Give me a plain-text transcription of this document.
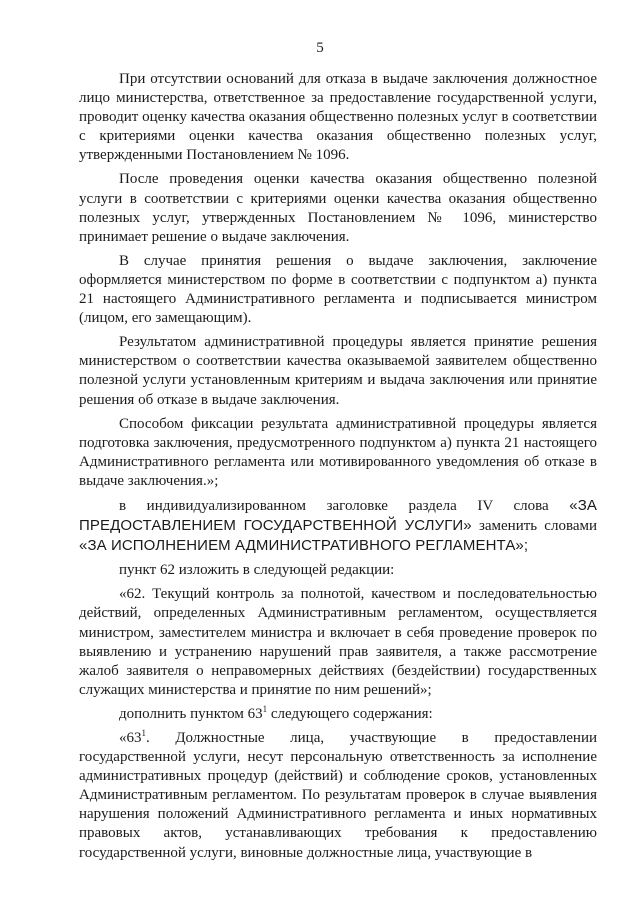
5

При отсутствии оснований для отказа в выдаче заключения должностное лицо министерства, ответственное за предоставление государственной услуги, проводит оценку качества оказания общественно полезных услуг в соответствии с критериями оценки качества оказания общественно полезных услуг, утвержденными Постановлением № 1096.

После проведения оценки качества оказания общественно полезной услуги в соответствии с критериями оценки качества оказания общественно полезных услуг, утвержденных Постановлением № 1096, министерство принимает решение о выдаче заключения.

В случае принятия решения о выдаче заключения, заключение оформляется министерством по форме в соответствии с подпунктом а) пункта 21 настоящего Административного регламента и подписывается министром (лицом, его замещающим).

Результатом административной процедуры является принятие решения министерством о соответствии качества оказываемой заявителем общественно полезной услуги установленным критериям и выдача заключения или принятие решения об отказе в выдаче заключения.

Способом фиксации результата административной процедуры является подготовка заключения, предусмотренного подпунктом а) пункта 21 настоящего Административного регламента или мотивированного уведомления об отказе в выдаче заключения.»;

в индивидуализированном заголовке раздела IV слова «ЗА ПРЕДОСТАВЛЕНИЕМ ГОСУДАРСТВЕННОЙ УСЛУГИ» заменить словами «ЗА ИСПОЛНЕНИЕМ АДМИНИСТРАТИВНОГО РЕГЛАМЕНТА»;

пункт 62 изложить в следующей редакции:

«62. Текущий контроль за полнотой, качеством и последовательностью действий, определенных Административным регламентом, осуществляется министром, заместителем министра и включает в себя проведение проверок по выявлению и устранению нарушений прав заявителя, а также рассмотрение жалоб заявителя о неправомерных действиях (бездействии) государственных служащих министерства и принятие по ним решений»;

дополнить пунктом $63^1$ следующего содержания:

«$63^1$. Должностные лица, участвующие в предоставлении государственной услуги, несут персональную ответственность за исполнение административных процедур (действий) и соблюдение сроков, установленных Административным регламентом. По результатам проверок в случае выявления нарушения положений Административного регламента и иных нормативных правовых актов, устанавливающих требования к предоставлению государственной услуги, виновные должностные лица, участвующие в
